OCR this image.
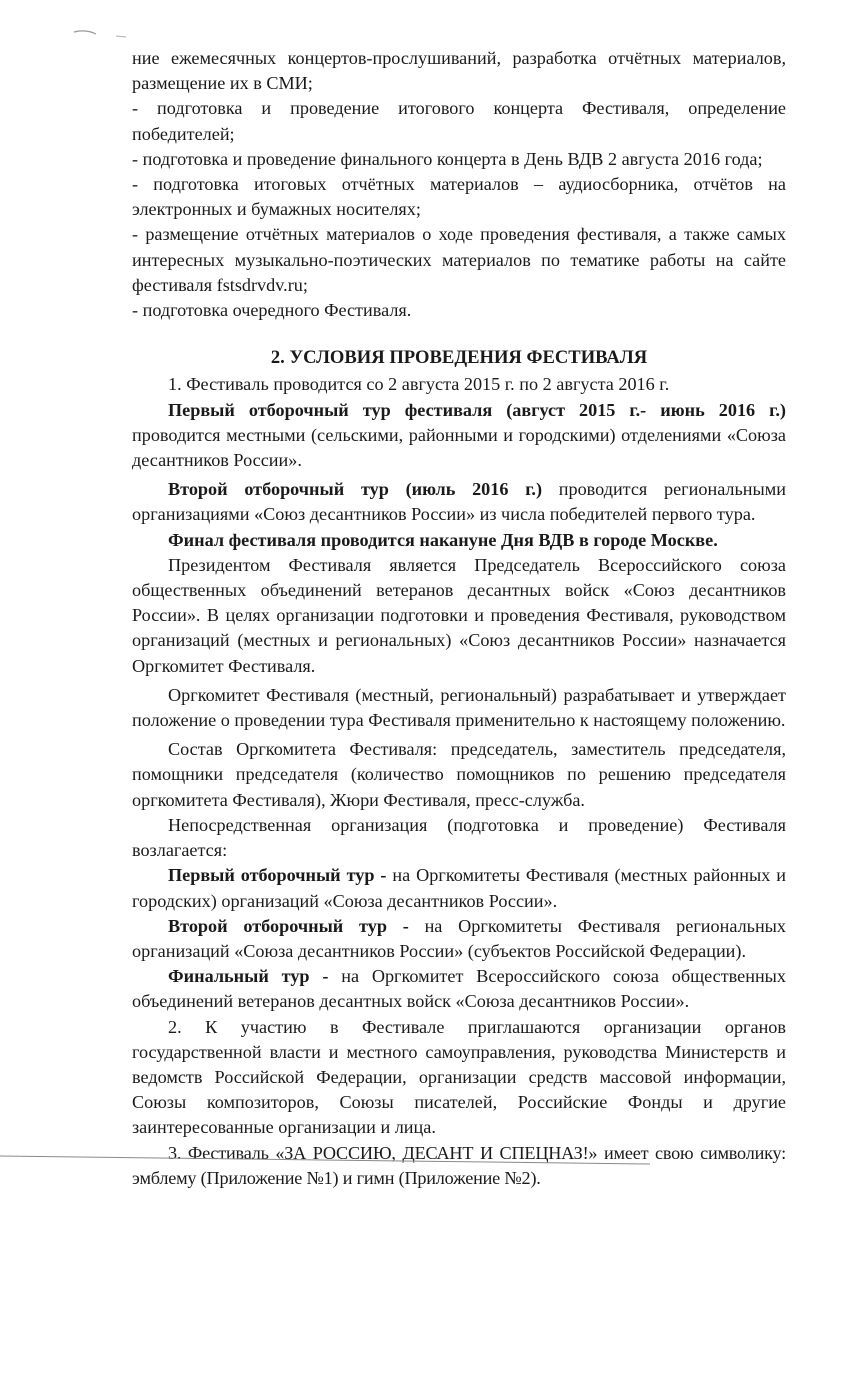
ние ежемесячных концертов-прослушиваний, разработка отчётных материалов, размещение их в СМИ;

- подготовка и проведение итогового концерта Фестиваля, определение победителей;

- подготовка и проведение финального концерта в День ВДВ 2 августа 2016 года;

- подготовка итоговых отчётных материалов – аудиосборника, отчётов на электронных и бумажных носителях;

- размещение отчётных материалов о ходе проведения фестиваля, а также самых интересных музыкально-поэтических материалов по тематике работы на сайте фестиваля fstsdrvdv.ru;

- подготовка очередного Фестиваля.

2. УСЛОВИЯ ПРОВЕДЕНИЯ ФЕСТИВАЛЯ

1. Фестиваль проводится со 2 августа 2015 г. по 2 августа 2016 г.

Первый отборочный тур фестиваля (август 2015 г.- июнь 2016 г.) проводится местными (сельскими, районными и городскими) отделениями «Союза десантников России».

Второй отборочный тур (июль 2016 г.) проводится региональными организациями «Союз десантников России» из числа победителей первого тура.

Финал фестиваля проводится накануне Дня ВДВ в городе Москве.

Президентом Фестиваля является Председатель Всероссийского союза общественных объединений ветеранов десантных войск «Союз десантников России». В целях организации подготовки и проведения Фестиваля, руководством организаций (местных и региональных) «Союз десантников России» назначается Оргкомитет Фестиваля.

Оргкомитет Фестиваля (местный, региональный) разрабатывает и утверждает положение о проведении тура Фестиваля применительно к настоящему положению.

Состав Оргкомитета Фестиваля: председатель, заместитель председателя, помощники председателя (количество помощников по решению председателя оргкомитета Фестиваля), Жюри Фестиваля, пресс-служба.

Непосредственная организация (подготовка и проведение) Фестиваля возлагается:

Первый отборочный тур - на Оргкомитеты Фестиваля (местных районных и городских) организаций «Союза десантников России».

Второй отборочный тур - на Оргкомитеты Фестиваля региональных организаций «Союза десантников России» (субъектов Российской Федерации).

Финальный тур - на Оргкомитет Всероссийского союза общественных объединений ветеранов десантных войск «Союза десантников России».

2. К участию в Фестивале приглашаются организации органов государственной власти и местного самоуправления, руководства Министерств и ведомств Российской Федерации, организации средств массовой информации, Союзы композиторов, Союзы писателей, Российские Фонды и другие заинтересованные организации и лица.

3. Фестиваль «ЗА РОССИЮ, ДЕСАНТ И СПЕЦНАЗ!» имеет свою символику: эмблему (Приложение №1) и гимн (Приложение №2).
